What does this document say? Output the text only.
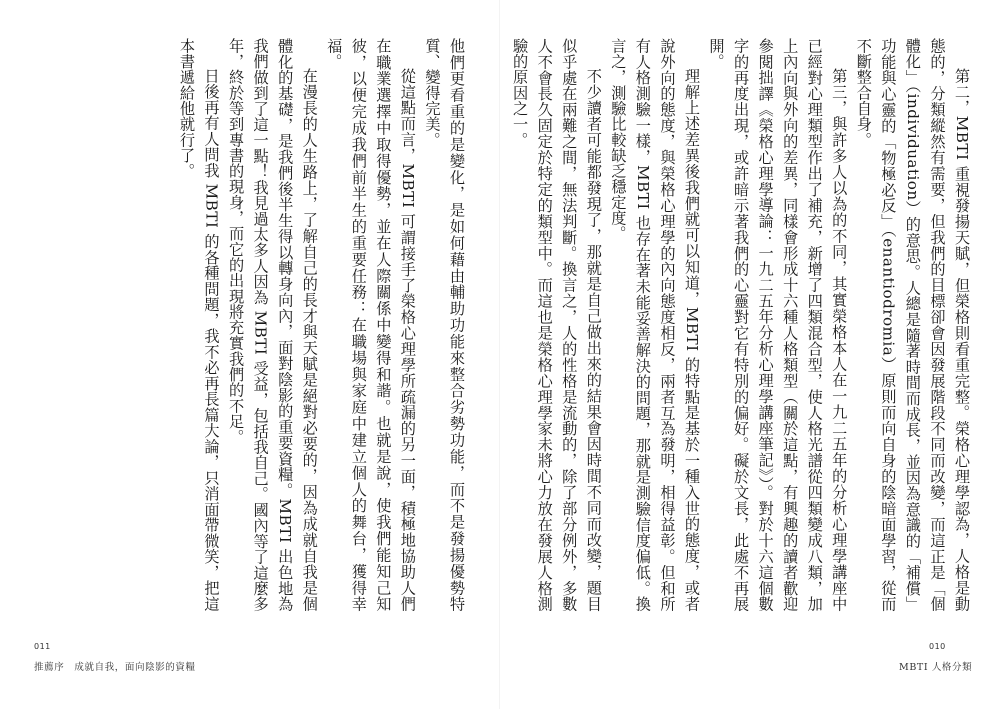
他們更看重的是變化，是如何藉由輔助功能來整合劣勢功能，而不是發揚優勢特質、變得完美。

從這點而言，MBTI 可謂接手了榮格心理學所疏漏的另一面，積極地協助人們在職業選擇中取得優勢，並在人際關係中變得和諧。也就是說，使我們能知己知彼，以便完成我們前半生的重要任務：在職場與家庭中建立個人的舞台，獲得幸福。

在漫長的人生路上，了解自己的長才與天賦是絕對必要的，因為成就自我是個體化的基礎，是我們後半生得以轉身向內，面對陰影的重要資糧。MBTI 出色地為我們做到了這一點！我見過太多人因為 MBTI 受益，包括我自己。國內等了這麼多年，終於等到專書的現身，而它的出現將充實我們的不足。

日後再有人問我 MBTI 的各種問題，我不必再長篇大論，只消面帶微笑，把這本書遞給他就行了。

011
推薦序　成就自我，面向陰影的資糧

第二，MBTI 重視發揚天賦，但榮格則看重完整。榮格心理學認為，人格是動態的，分類縱然有需要，但我們的目標卻會因發展階段不同而改變，而這正是「個體化」（individuation）的意思。人總是隨著時間而成長，並因為意識的「補償」功能與心靈的「物極必反」（enantiodromia）原則而向自身的陰暗面學習，從而不斷整合自身。

第三，與許多人以為的不同，其實榮格本人在一九二五年的分析心理學講座中已經對心理類型作出了補充，新增了四類混合型，使人格光譜從四類變成八類，加上內向與外向的差異，同樣會形成十六種人格類型（關於這點，有興趣的讀者歡迎參閱拙譯《榮格心理學導論：一九二五年分析心理學講座筆記》）。對於十六這個數字的再度出現，或許暗示著我們的心靈對它有特別的偏好。礙於文長，此處不再展開。

理解上述差異後我們就可以知道，MBTI 的特點是基於一種入世的態度，或者說外向的態度，與榮格心理學的內向態度相反，兩者互為發明，相得益彰。但和所有人格測驗一樣，MBTI 也存在著未能妥善解決的問題，那就是測驗信度偏低。換言之，測驗比較缺乏穩定度。

不少讀者可能都發現了，那就是自己做出來的結果會因時間不同而改變，題目似乎處在兩難之間，無法判斷。換言之，人的性格是流動的，除了部分例外，多數人不會長久固定於特定的類型中。而這也是榮格心理學家未將心力放在發展人格測驗的原因之一。

010
MBTI 人格分類
